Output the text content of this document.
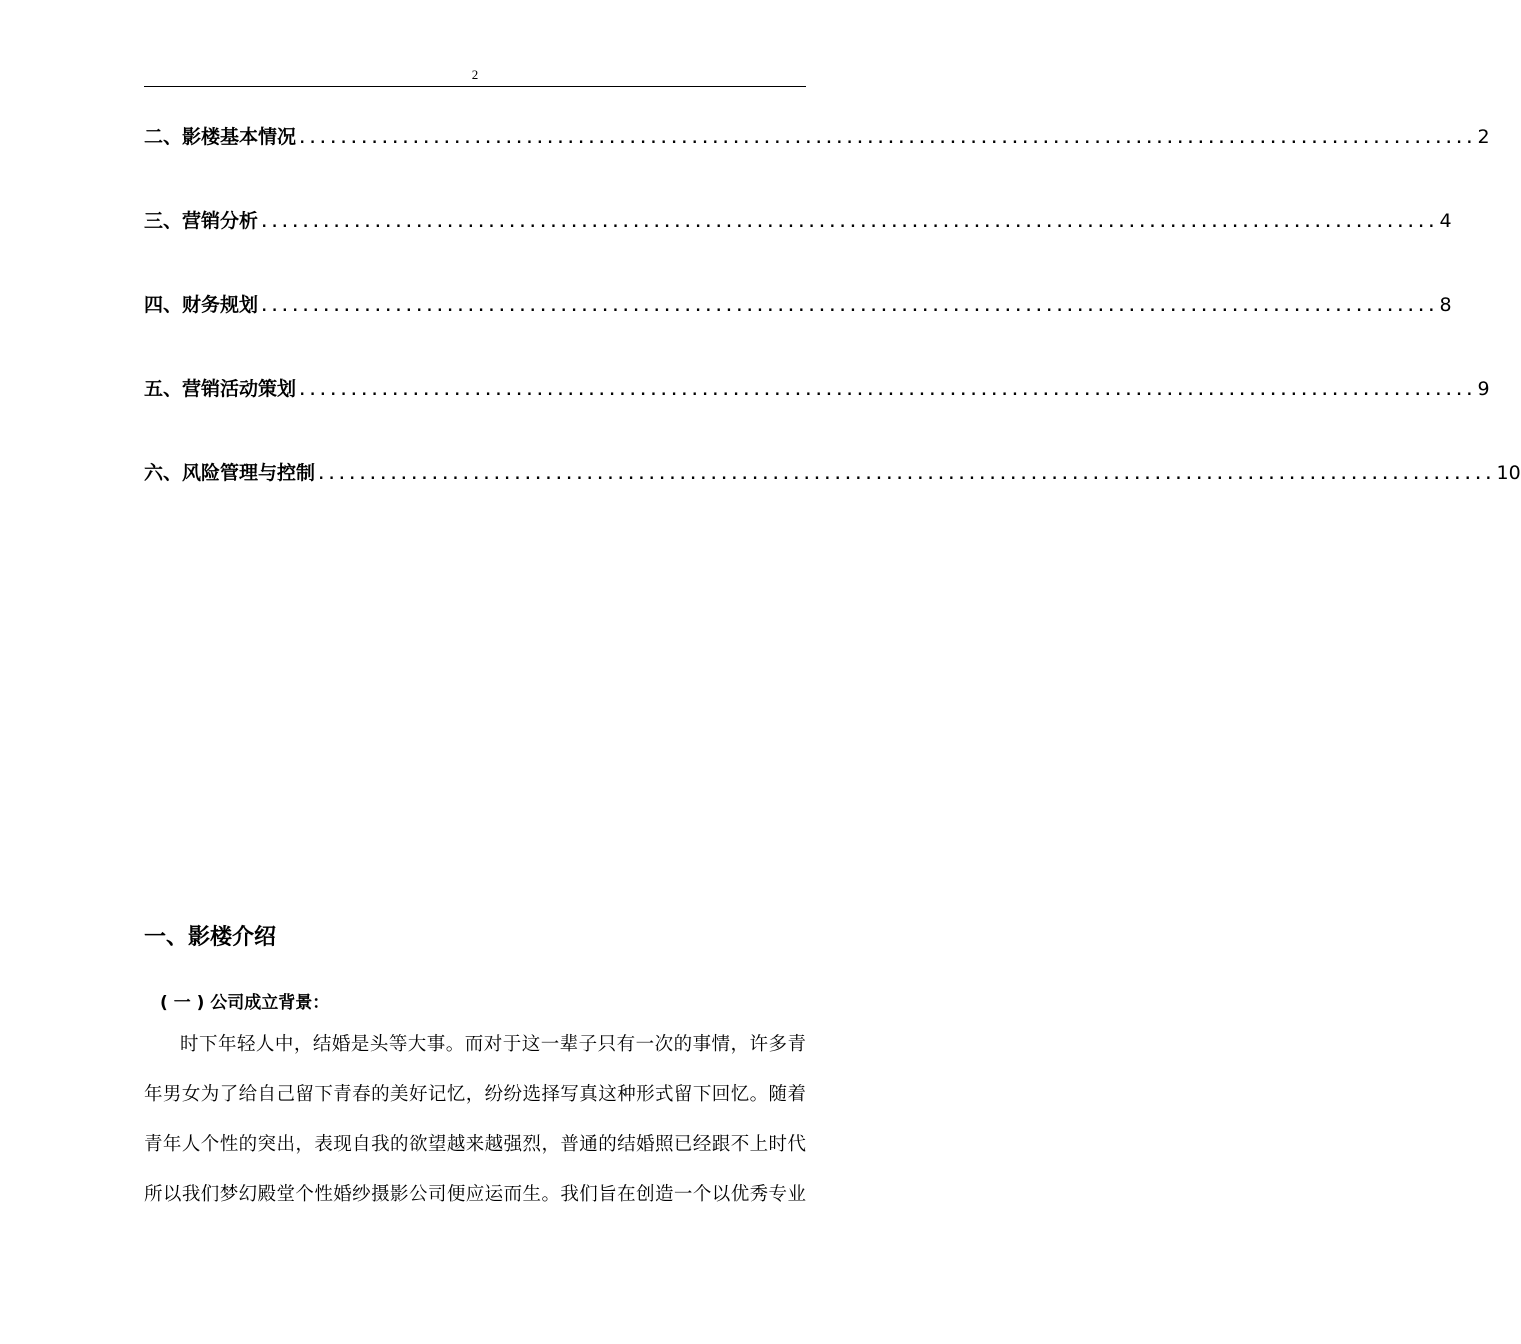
2
二、影楼基本情况 .................................................................................................................. 2
三、营销分析 .................................................................................................................. 4
四、财务规划 .................................................................................................................. 8
五、营销活动策划 .................................................................................................................. 9
六、风险管理与控制 .................................................................................................................. 10
一、影楼介绍
( 一 ) 公司成立背景：
时下年轻人中，结婚是头等大事。而对于这一辈子只有一次的事情，许多青
年男女为了给自己留下青春的美好记忆，纷纷选择写真这种形式留下回忆。随着
青年人个性的突出，表现自我的欲望越来越强烈，普通的结婚照已经跟不上时代
所以我们梦幻殿堂个性婚纱摄影公司便应运而生。我们旨在创造一个以优秀专业
